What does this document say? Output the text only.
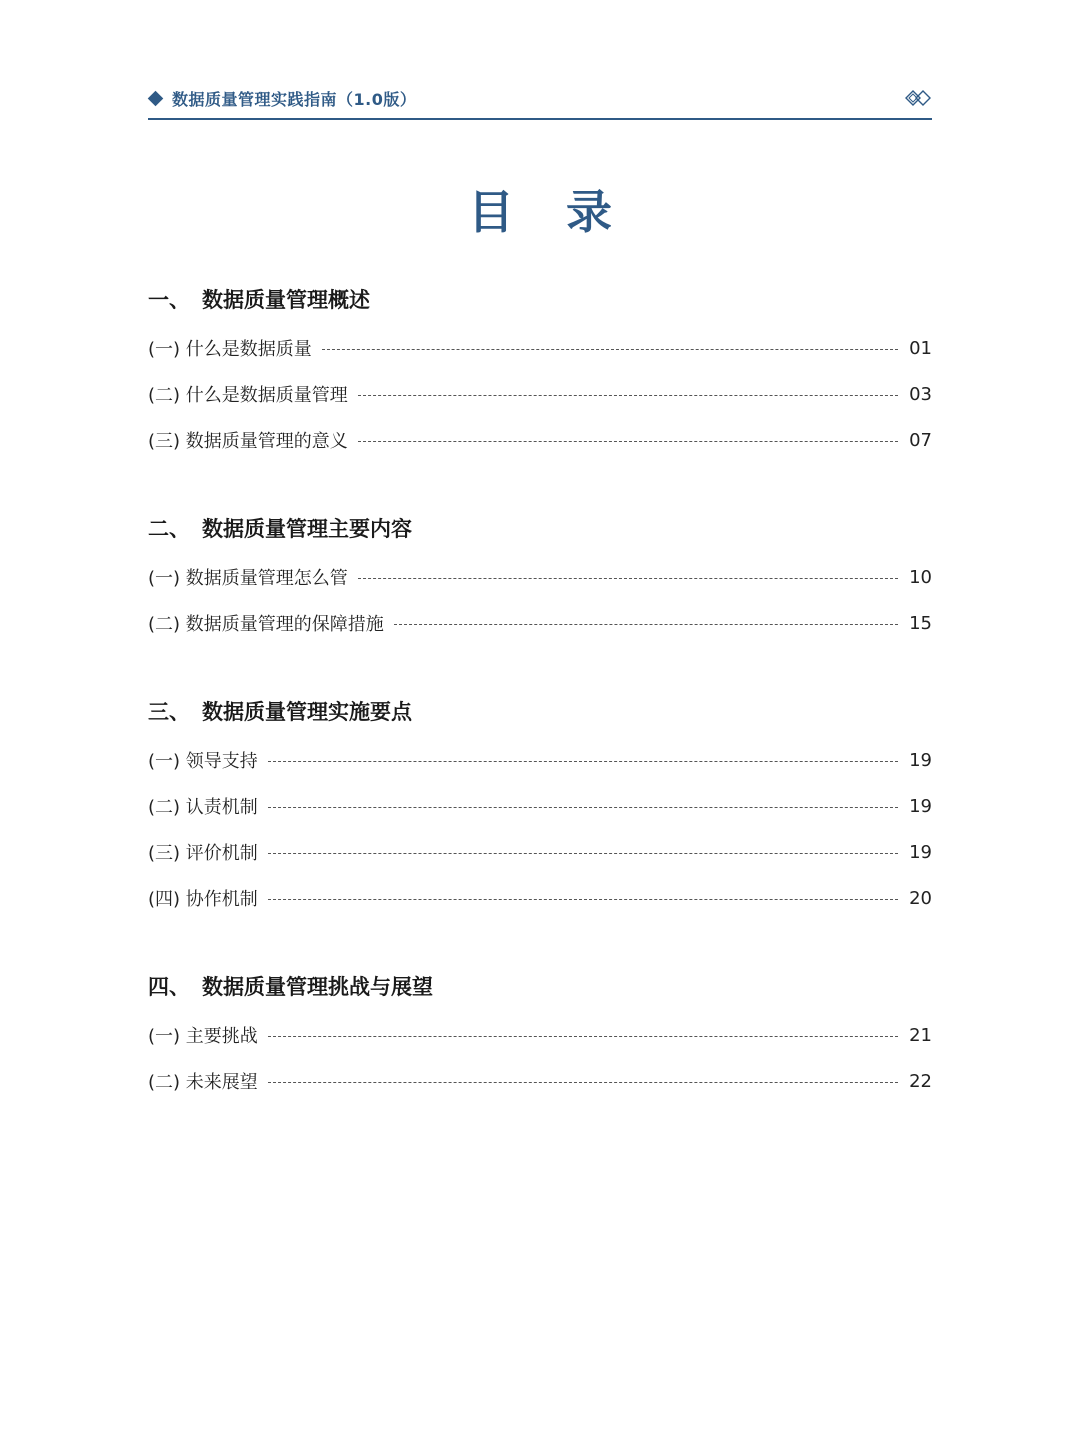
数据质量管理实践指南（1.0版）
目 录
一、 数据质量管理概述
(一) 什么是数据质量	01
(二) 什么是数据质量管理	03
(三) 数据质量管理的意义	07
二、 数据质量管理主要内容
(一) 数据质量管理怎么管	10
(二) 数据质量管理的保障措施	15
三、 数据质量管理实施要点
(一) 领导支持	19
(二) 认责机制	19
(三) 评价机制	19
(四) 协作机制	20
四、 数据质量管理挑战与展望
(一) 主要挑战	21
(二) 未来展望	22
